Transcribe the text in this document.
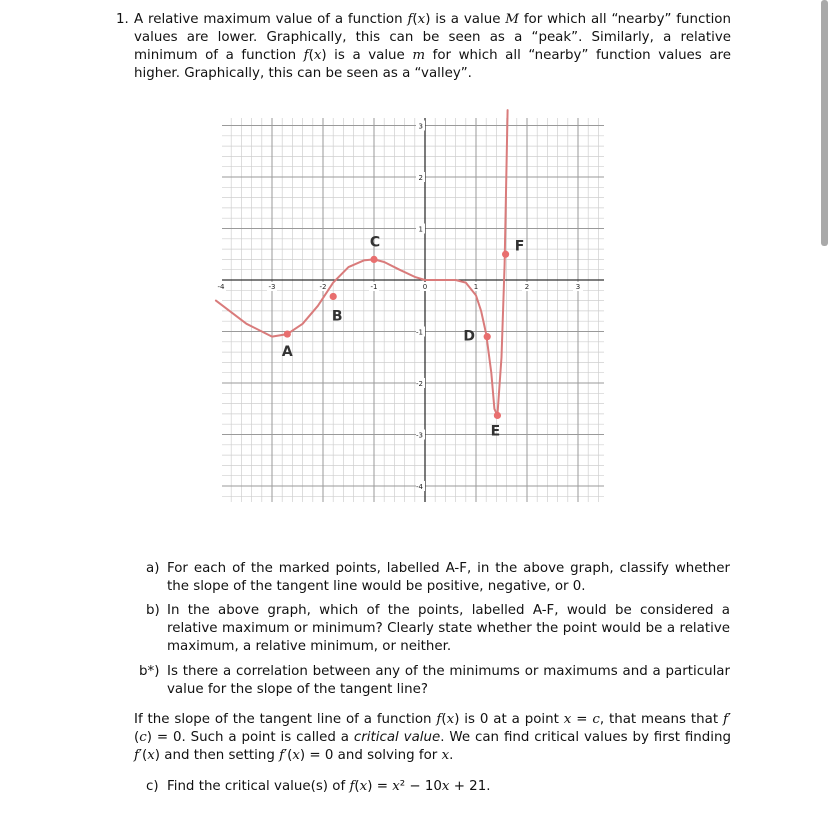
1. A relative maximum value of a function f(x) is a value M for which all “nearby” function values are lower. Graphically, this can be seen as a “peak”. Similarly, a relative minimum of a function f(x) is a value m for which all “nearby” function values are higher. Graphically, this can be seen as a “valley”.
-4	-3	-2	-1	0	1	2	3
3
2
1
-1
-2
-3
-4
A
B
C
D
E
F
a) For each of the marked points, labelled A-F, in the above graph, classify whether the slope of the tangent line would be positive, negative, or 0.
b) In the above graph, which of the points, labelled A-F, would be considered a relative maximum or minimum? Clearly state whether the point would be a relative maximum, a relative minimum, or neither.
b*) Is there a correlation between any of the minimums or maximums and a particular value for the slope of the tangent line?
If the slope of the tangent line of a function f(x) is 0 at a point x = c, that means that f′(c) = 0. Such a point is called a critical value. We can find critical values by first finding f′(x) and then setting f′(x) = 0 and solving for x.
c) Find the critical value(s) of f(x) = x² − 10x + 21.
